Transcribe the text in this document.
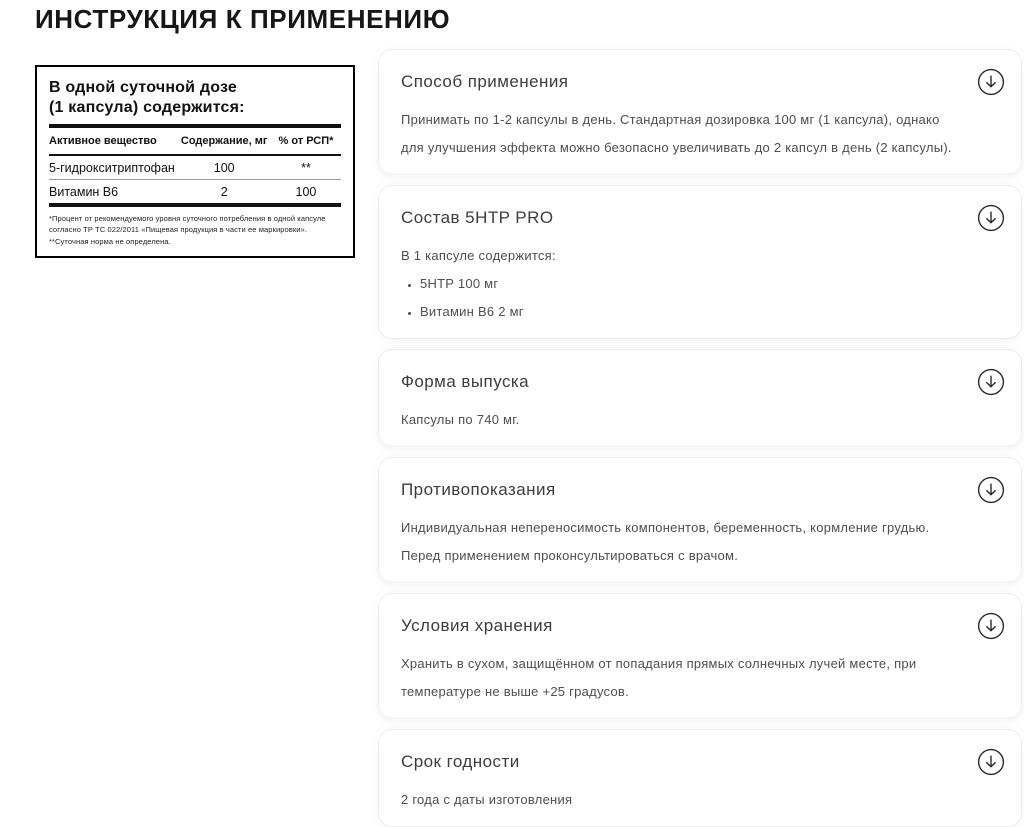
ИНСТРУКЦИЯ К ПРИМЕНЕНИЮ
В одной суточной дозе
(1 капсула) содержится:
Активное вещество	Содержание, мг	% от РСП*
5-гидрокситриптофан	100	**
Витамин В6	2	100

*Процент от рекомендуемого уровня суточного потребления в одной капсуле согласно ТР ТС 022/2011 «Пищевая продукция в части ее маркировки».

**Суточная норма не определена.

Способ применения

Принимать по 1-2 капсулы в день. Стандартная дозировка 100 мг (1 капсула), однако для улучшения эффекта можно безопасно увеличивать до 2 капсул в день (2 капсулы).

Состав 5HTP PRO

В 1 капсуле содержится:

• 5HTP 100 мг
• Витамин В6 2 мг
Форма выпуска

Капсулы по 740 мг.

Противопоказания

Индивидуальная непереносимость компонентов, беременность, кормление грудью. Перед применением проконсультироваться с врачом.

Условия хранения

Хранить в сухом, защищённом от попадания прямых солнечных лучей месте, при температуре не выше +25 градусов.

Срок годности

2 года с даты изготовления
